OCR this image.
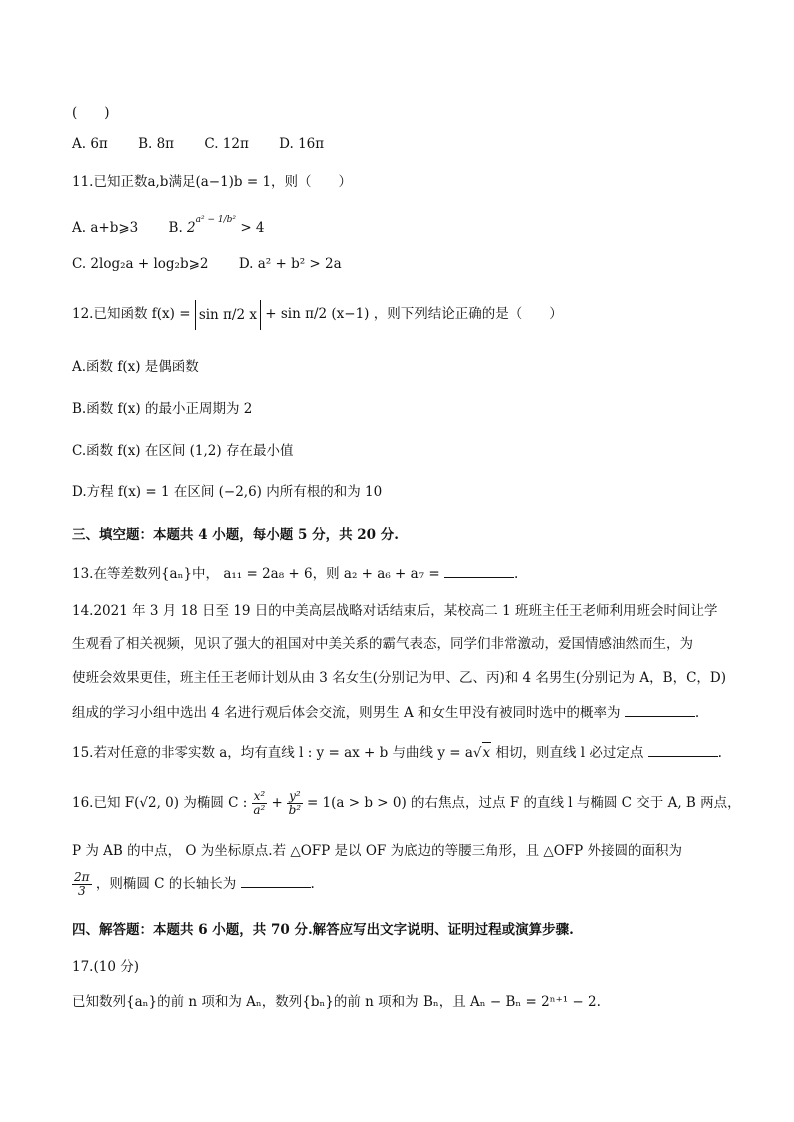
(　　)
A. 6π B. 8π C. 12π D. 16π
11.已知正数a,b满足(a−1)b = 1，则（　　）
A. a+b⩾3 B. $2^{a^2 - 1/b^2} > 4$
C. 2log₂a + log₂b⩾2 D. a² + b² > 2a
12.已知函数 f(x) = sin π/2 x + sin π/2 (x−1) ，则下列结论正确的是（　　）
A.函数 f(x) 是偶函数
B.函数 f(x) 的最小正周期为 2
C.函数 f(x) 在区间 (1,2) 存在最小值
D.方程 f(x) = 1 在区间 (−2,6) 内所有根的和为 10
三、填空题：本题共 4 小题，每小题 5 分，共 20 分.
13.在等差数列{aₙ}中， a₁₁ = 2a₈ + 6，则 a₂ + a₆ + a₇ =	.
14.2021 年 3 月 18 日至 19 日的中美高层战略对话结束后，某校高二 1 班班主任王老师利用班会时间让学
生观看了相关视频，见识了强大的祖国对中美关系的霸气表态，同学们非常激动，爱国情感油然而生，为
使班会效果更佳，班主任王老师计划从由 3 名女生(分别记为甲、乙、丙)和 4 名男生(分别记为 A，B，C，D)
组成的学习小组中选出 4 名进行观后体会交流，则男生 A 和女生甲没有被同时选中的概率为	.
15.若对任意的非零实数 a，均有直线 l : y = ax + b 与曲线 y = a√x 相切，则直线 l 必过定点	.
16.已知 F(√2, 0) 为椭圆 C : $\frac{\text{x²}}{\text{a²}} + \frac{\text{y²}}{\text{b²}} = 1(a > b > 0)$ 的右焦点，过点 F 的直线 l 与椭圆 C 交于 A, B 两点，
P 为 AB 的中点， O 为坐标原点.若 △OFP 是以 OF 为底边的等腰三角形，且 △OFP 外接圆的面积为
$\frac{2\pi}{3}$ ，则椭圆 C 的长轴长为	.
四、解答题：本题共 6 小题，共 70 分.解答应写出文字说明、证明过程或演算步骤.
17.(10 分)
已知数列{aₙ}的前 n 项和为 Aₙ，数列{bₙ}的前 n 项和为 Bₙ，且 Aₙ − Bₙ = 2ⁿ⁺¹ − 2.
